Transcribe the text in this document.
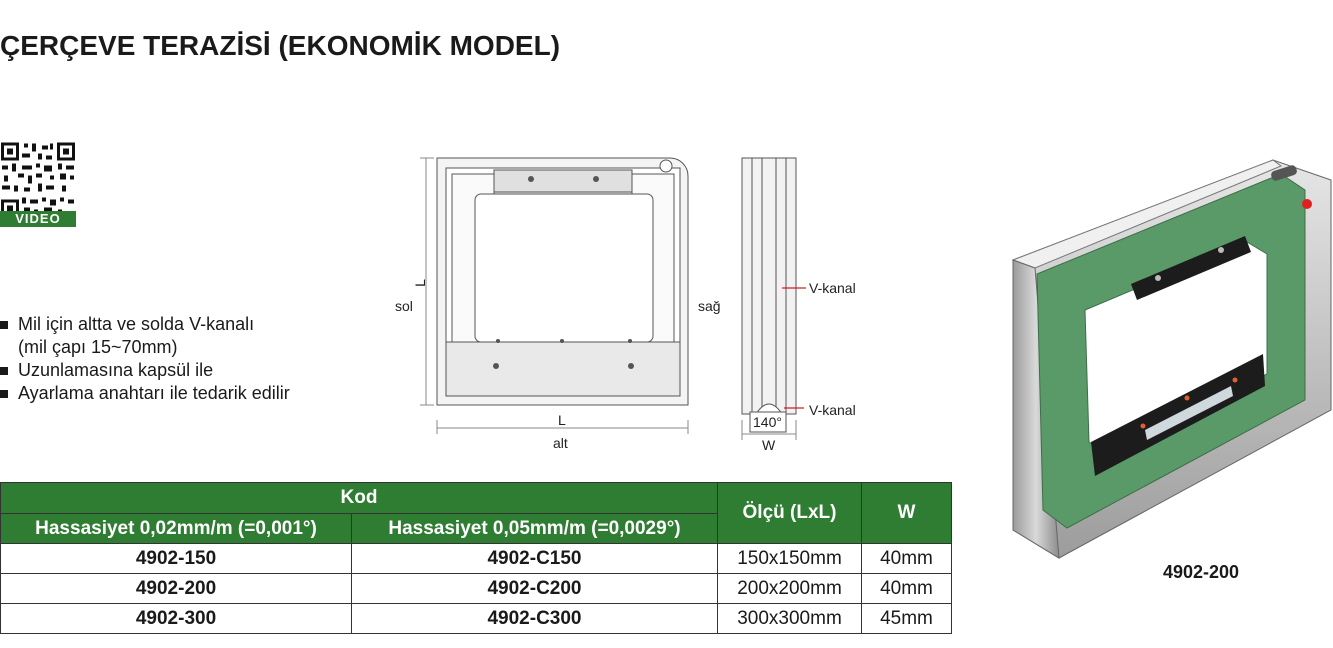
ÇERÇEVE TERAZİSİ (EKONOMİK MODEL)
VIDEO
Mil için altta ve solda V-kanalı
(mil çapı 15~70mm)
Uzunlamasına kapsül ile
Ayarlama anahtarı ile tedarik edilir
L
sol
L
alt
sağ
V-kanal
V-kanal
140°
W
Kod		Ölçü (LxL)	W
Hassasiyet 0,02mm/m (=0,001°)	Hassasiyet 0,05mm/m (=0,0029°)		
4902-150	4902-C150	150x150mm	40mm
4902-200	4902-C200	200x200mm	40mm
4902-300	4902-C300	300x300mm	45mm
4902-200
